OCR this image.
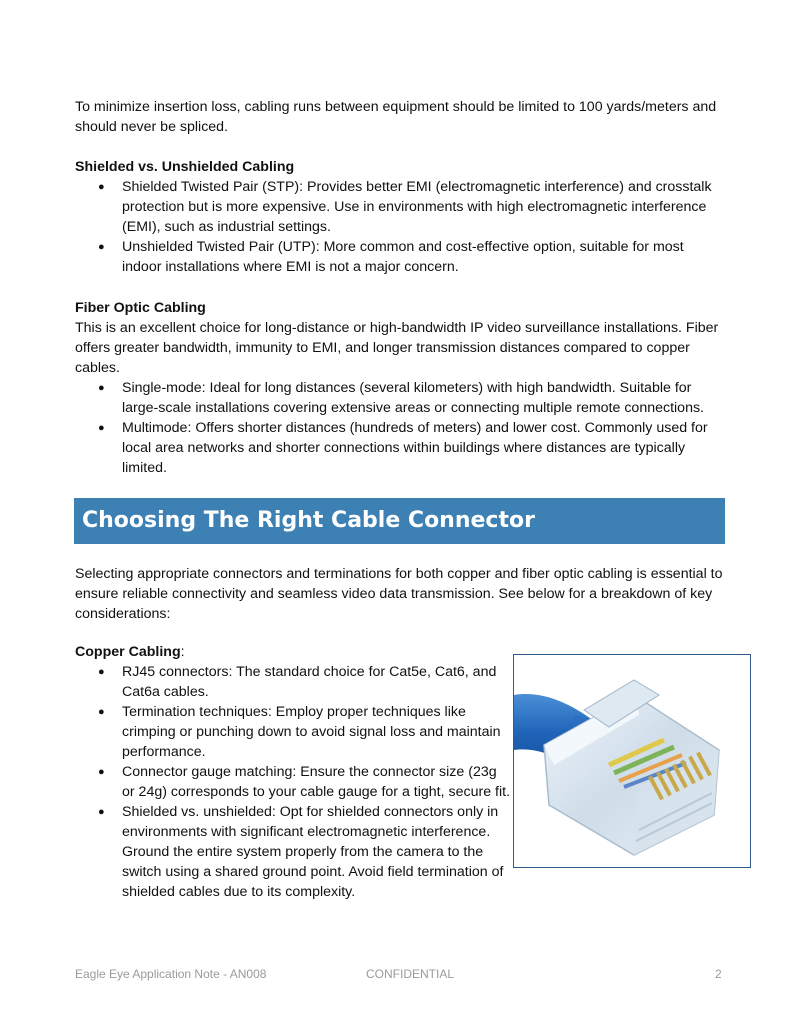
To minimize insertion loss, cabling runs between equipment should be limited to 100 yards/meters and should never be spliced.

Shielded vs. Unshielded Cabling

● Shielded Twisted Pair (STP): Provides better EMI (electromagnetic interference) and crosstalk protection but is more expensive. Use in environments with high electromagnetic interference (EMI), such as industrial settings.
● Unshielded Twisted Pair (UTP): More common and cost-effective option, suitable for most indoor installations where EMI is not a major concern.

Fiber Optic Cabling

This is an excellent choice for long-distance or high-bandwidth IP video surveillance installations. Fiber offers greater bandwidth, immunity to EMI, and longer transmission distances compared to copper cables.

● Single-mode: Ideal for long distances (several kilometers) with high bandwidth. Suitable for large-scale installations covering extensive areas or connecting multiple remote connections.
● Multimode: Offers shorter distances (hundreds of meters) and lower cost. Commonly used for local area networks and shorter connections within buildings where distances are typically limited.
Choosing The Right Cable Connector

Selecting appropriate connectors and terminations for both copper and fiber optic cabling is essential to ensure reliable connectivity and seamless video data transmission. See below for a breakdown of key considerations:

Copper Cabling:

● RJ45 connectors: The standard choice for Cat5e, Cat6, and Cat6a cables.
● Termination techniques: Employ proper techniques like crimping or punching down to avoid signal loss and maintain performance.
● Connector gauge matching: Ensure the connector size (23g or 24g) corresponds to your cable gauge for a tight, secure fit.
● Shielded vs. unshielded: Opt for shielded connectors only in environments with significant electromagnetic interference. Ground the entire system properly from the camera to the switch using a shared ground point. Avoid field termination of shielded cables due to its complexity.
Eagle Eye Application Note - AN008	CONFIDENTIAL	2
